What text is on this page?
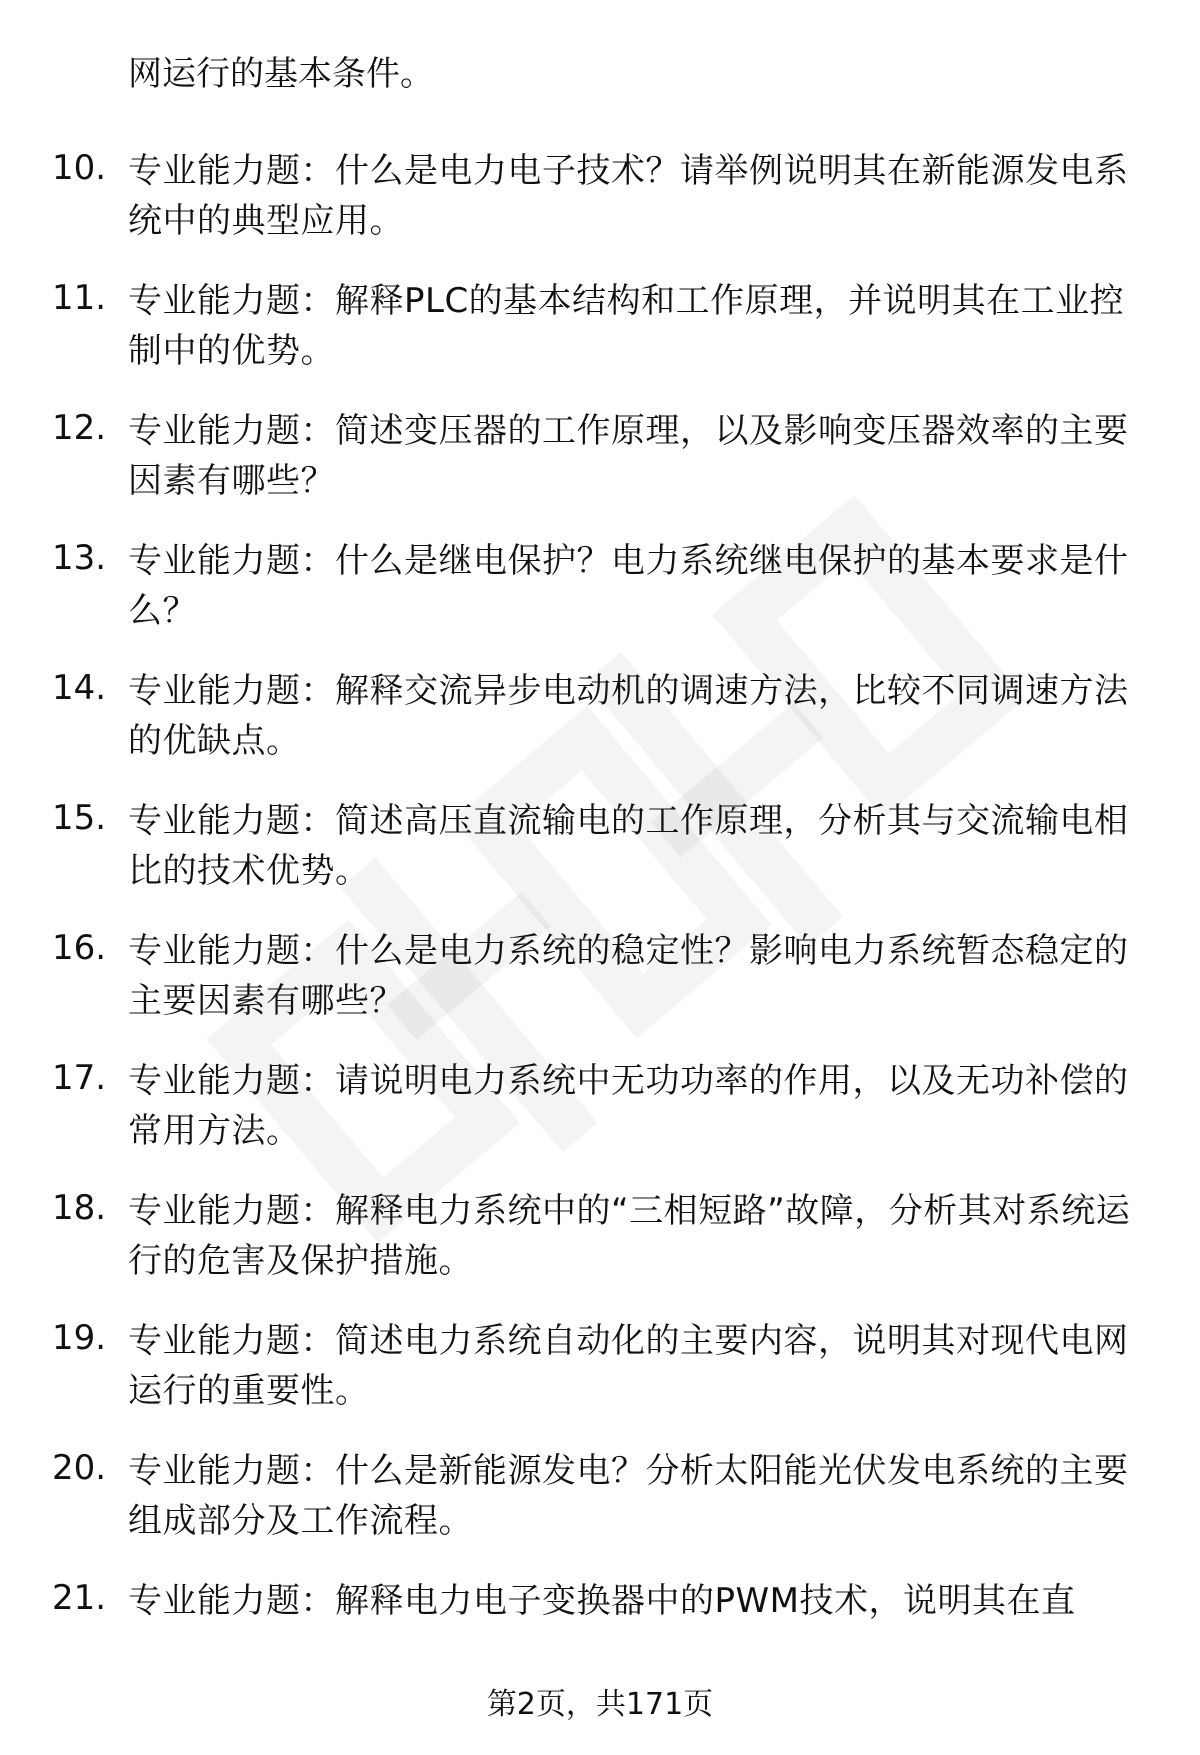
网运行的基本条件。
10. 专业能力题：什么是电力电子技术？请举例说明其在新能源发电系统中的典型应用。
11. 专业能力题：解释PLC的基本结构和工作原理，并说明其在工业控制中的优势。
12. 专业能力题：简述变压器的工作原理，以及影响变压器效率的主要因素有哪些？
13. 专业能力题：什么是继电保护？电力系统继电保护的基本要求是什么？
14. 专业能力题：解释交流异步电动机的调速方法，比较不同调速方法的优缺点。
15. 专业能力题：简述高压直流输电的工作原理，分析其与交流输电相比的技术优势。
16. 专业能力题：什么是电力系统的稳定性？影响电力系统暂态稳定的主要因素有哪些？
17. 专业能力题：请说明电力系统中无功功率的作用，以及无功补偿的常用方法。
18. 专业能力题：解释电力系统中的“三相短路”故障，分析其对系统运行的危害及保护措施。
19. 专业能力题：简述电力系统自动化的主要内容，说明其对现代电网运行的重要性。
20. 专业能力题：什么是新能源发电？分析太阳能光伏发电系统的主要组成部分及工作流程。
21. 专业能力题：解释电力电子变换器中的PWM技术，说明其在直
第2页，共171页
